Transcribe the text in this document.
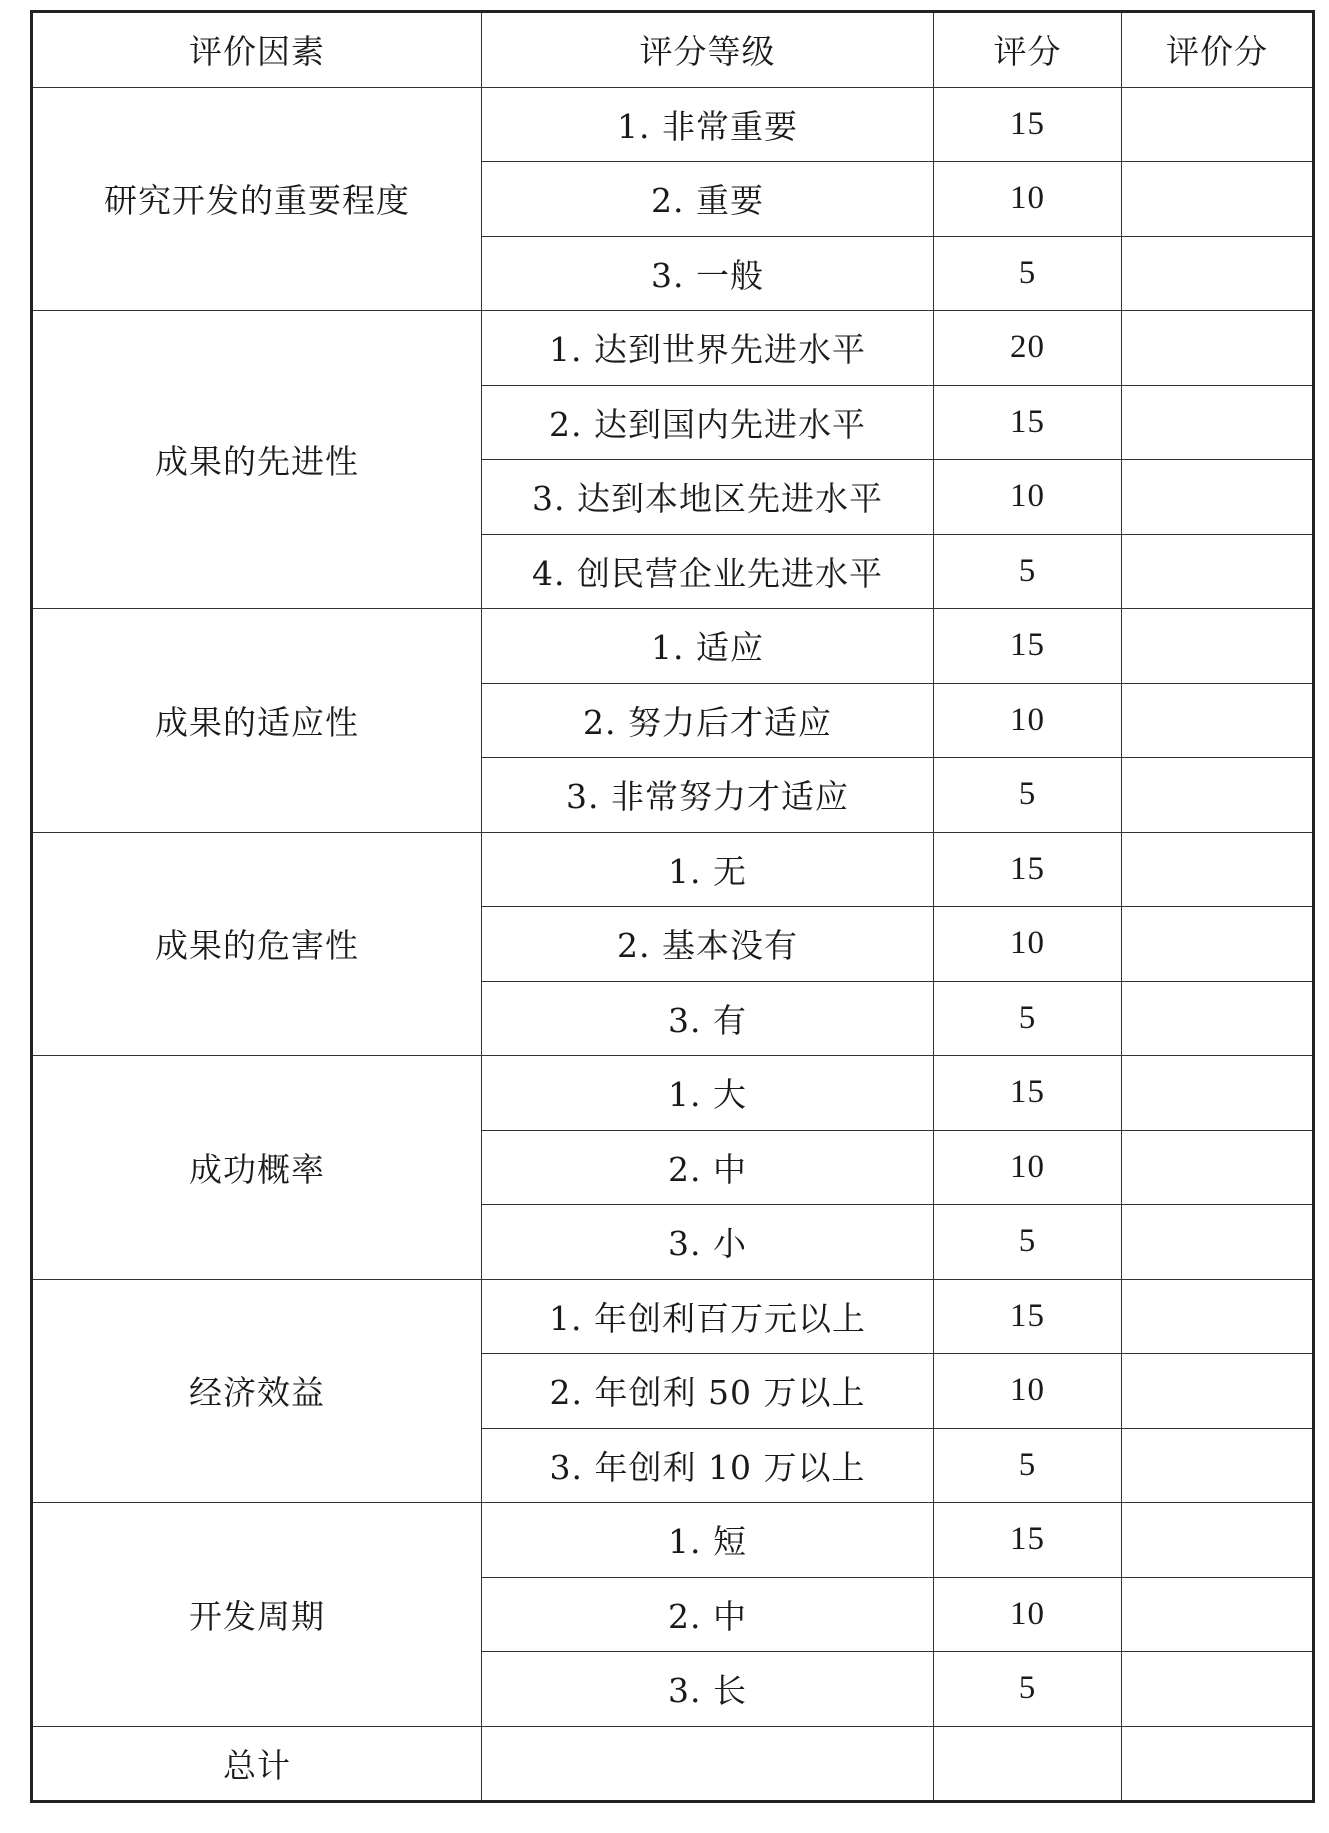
评价因素	评分等级	评分	评价分
研究开发的重要程度	1. 非常重要	15	
	2. 重要	10	
	3. 一般	5	
成果的先进性	1. 达到世界先进水平	20	
	2. 达到国内先进水平	15	
	3. 达到本地区先进水平	10	
	4. 创民营企业先进水平	5	
成果的适应性	1. 适应	15	
	2. 努力后才适应	10	
	3. 非常努力才适应	5	
成果的危害性	1. 无	15	
	2. 基本没有	10	
	3. 有	5	
成功概率	1. 大	15	
	2. 中	10	
	3. 小	5	
经济效益	1. 年创利百万元以上	15	
	2. 年创利 50 万以上	10	
	3. 年创利 10 万以上	5	
开发周期	1. 短	15	
	2. 中	10	
	3. 长	5	
总计			
